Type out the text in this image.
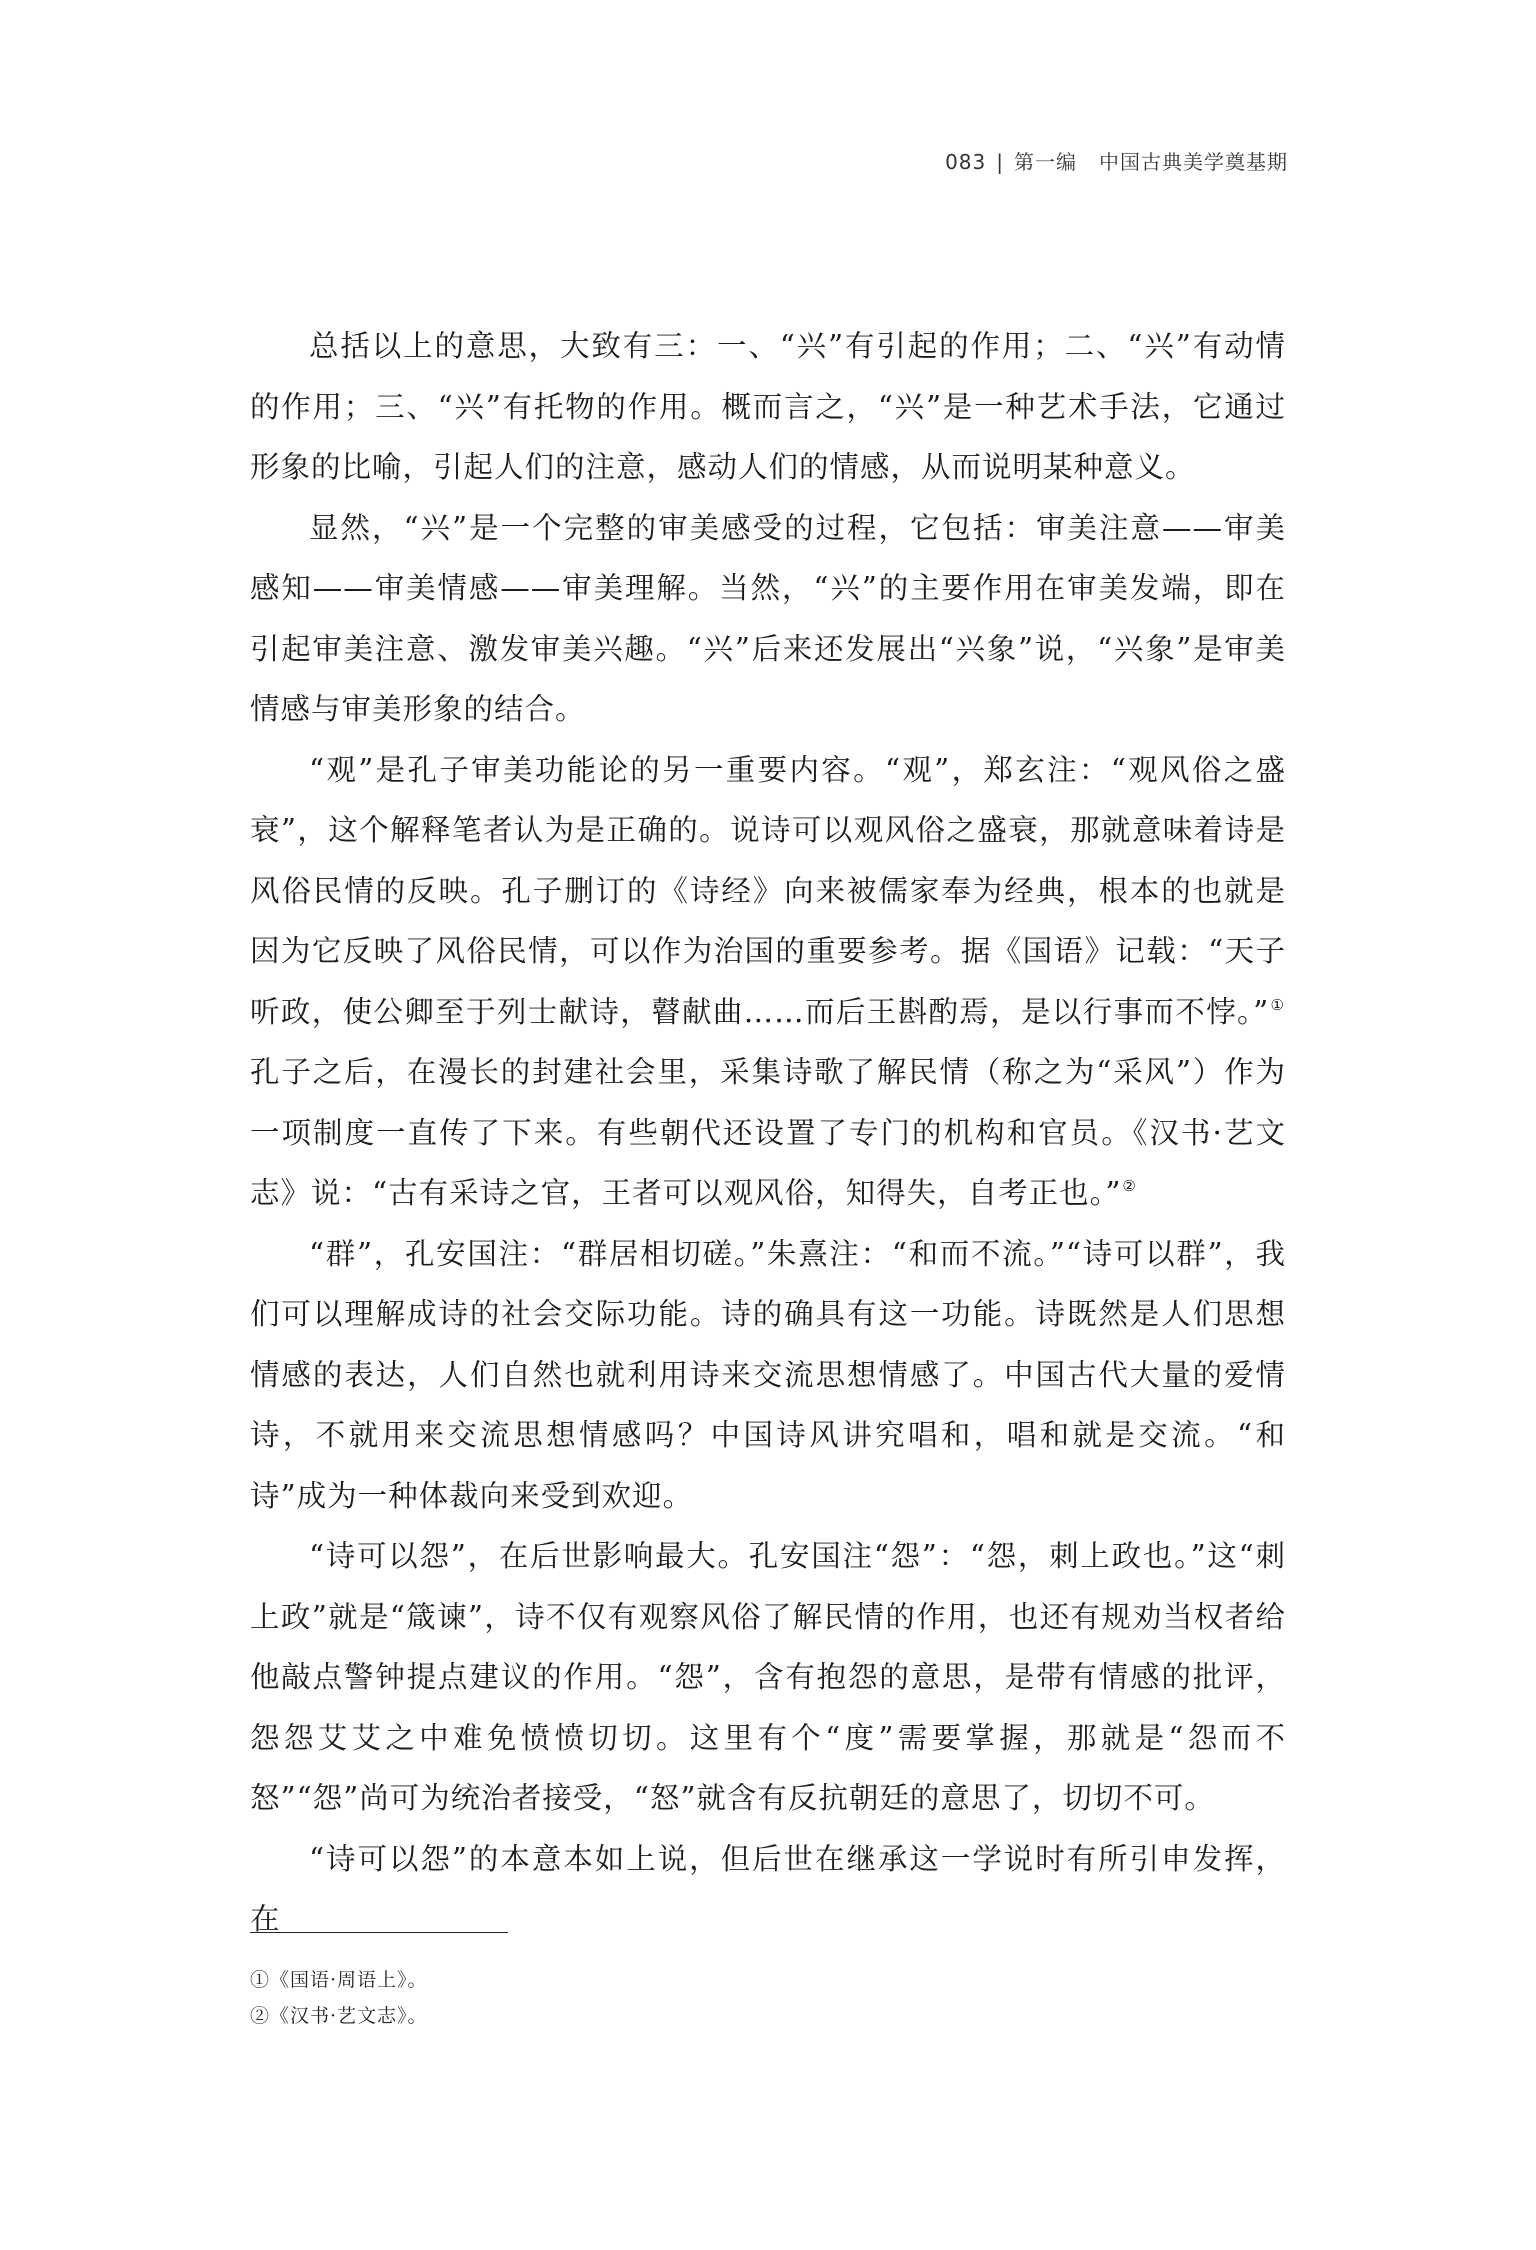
083 | 第一编 中国古典美学奠基期

总括以上的意思，大致有三：一、“兴”有引起的作用；二、“兴”有动情的作用；三、“兴”有托物的作用。概而言之，“兴”是一种艺术手法，它通过形象的比喻，引起人们的注意，感动人们的情感，从而说明某种意义。

显然，“兴”是一个完整的审美感受的过程，它包括：审美注意——审美感知——审美情感——审美理解。当然，“兴”的主要作用在审美发端，即在引起审美注意、激发审美兴趣。“兴”后来还发展出“兴象”说，“兴象”是审美情感与审美形象的结合。

“观”是孔子审美功能论的另一重要内容。“观”，郑玄注：“观风俗之盛衰”，这个解释笔者认为是正确的。说诗可以观风俗之盛衰，那就意味着诗是风俗民情的反映。孔子删订的《诗经》向来被儒家奉为经典，根本的也就是因为它反映了风俗民情，可以作为治国的重要参考。据《国语》记载：“天子听政，使公卿至于列士献诗，瞽献曲……而后王斟酌焉，是以行事而不悖。”①孔子之后，在漫长的封建社会里，采集诗歌了解民情（称之为“采风”）作为一项制度一直传了下来。有些朝代还设置了专门的机构和官员。《汉书·艺文志》说：“古有采诗之官，王者可以观风俗，知得失，自考正也。”②

“群”，孔安国注：“群居相切磋。”朱熹注：“和而不流。”“诗可以群”，我们可以理解成诗的社会交际功能。诗的确具有这一功能。诗既然是人们思想情感的表达，人们自然也就利用诗来交流思想情感了。中国古代大量的爱情诗，不就用来交流思想情感吗？中国诗风讲究唱和，唱和就是交流。“和诗”成为一种体裁向来受到欢迎。

“诗可以怨”，在后世影响最大。孔安国注“怨”：“怨，刺上政也。”这“刺上政”就是“箴谏”，诗不仅有观察风俗了解民情的作用，也还有规劝当权者给他敲点警钟提点建议的作用。“怨”，含有抱怨的意思，是带有情感的批评，怨怨艾艾之中难免愤愤切切。这里有个“度”需要掌握，那就是“怨而不怒”“怨”尚可为统治者接受，“怒”就含有反抗朝廷的意思了，切切不可。

“诗可以怨”的本意本如上说，但后世在继承这一学说时有所引申发挥，在

①《国语·周语上》。
②《汉书·艺文志》。
